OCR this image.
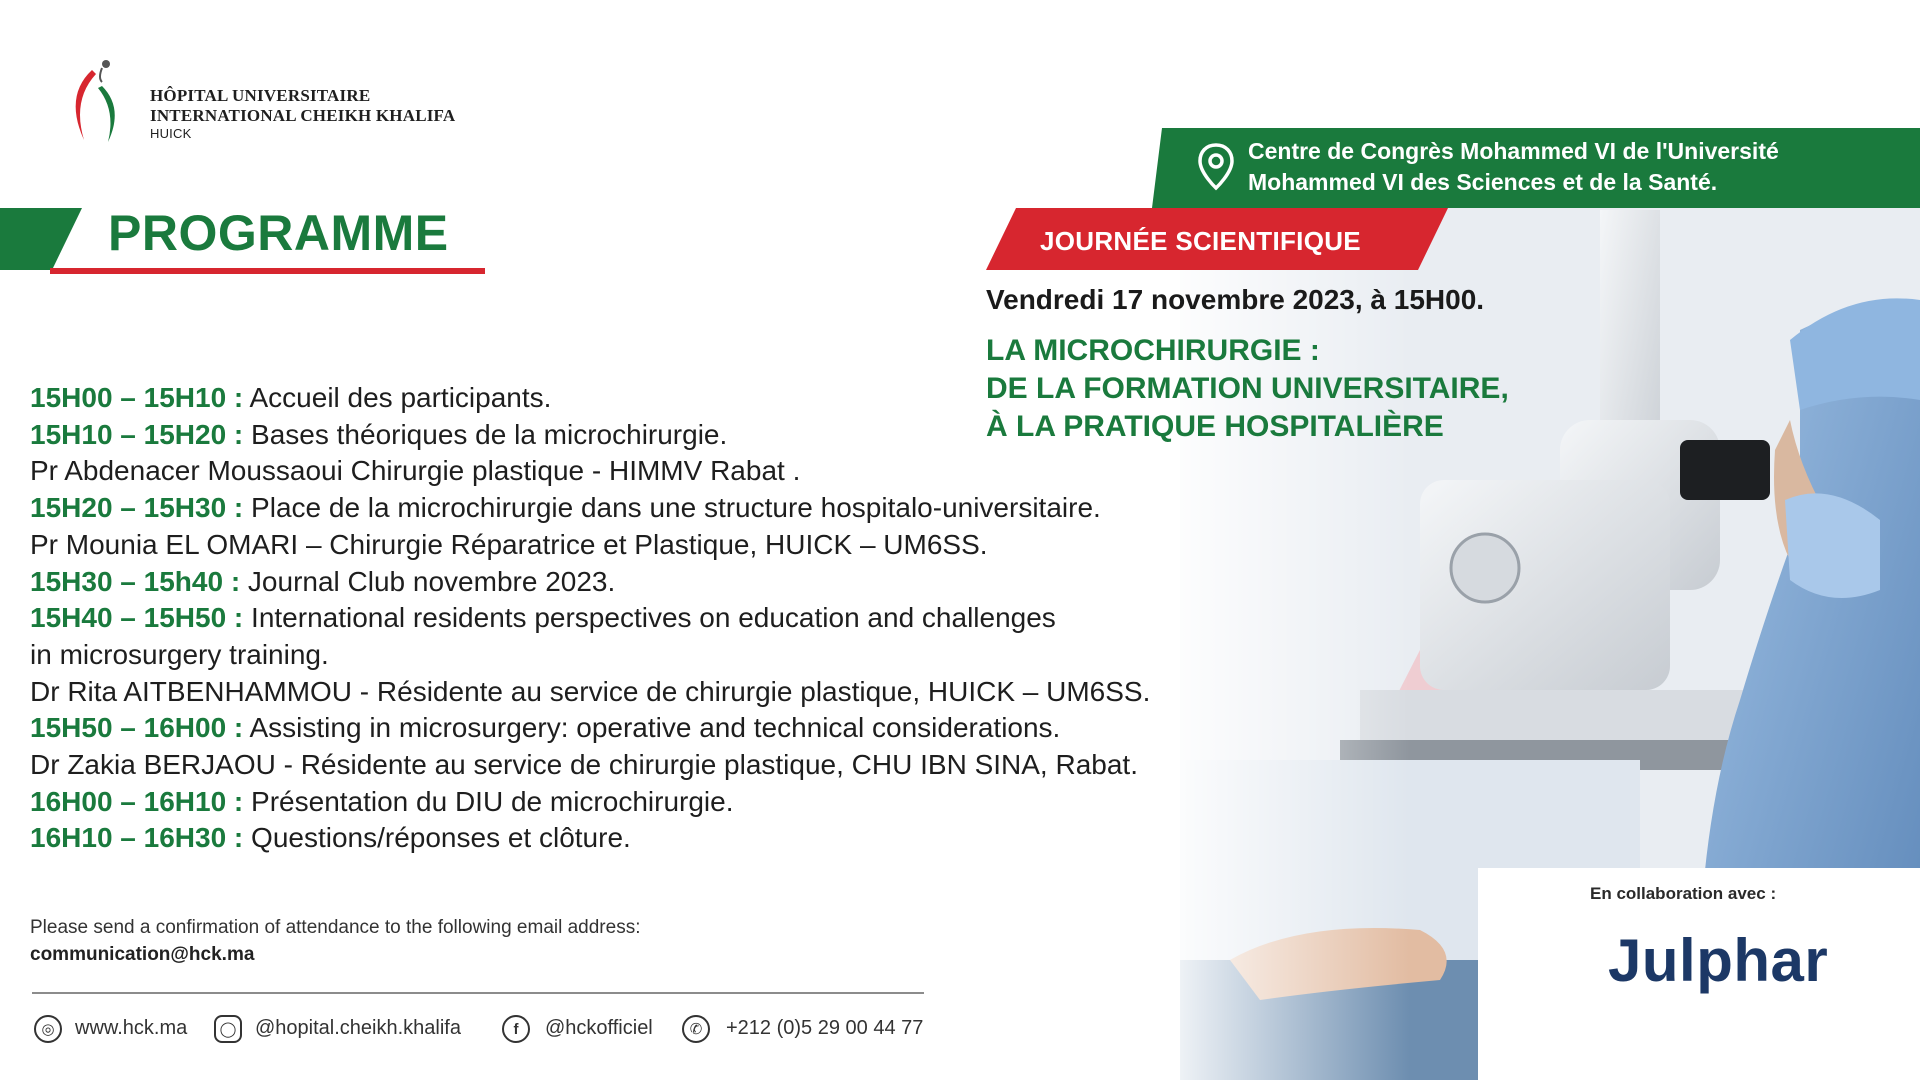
HÔPITAL UNIVERSITAIRE
INTERNATIONAL CHEIKH KHALIFA
HUICK
PROGRAMME
Centre de Congrès Mohammed VI de l'Université
Mohammed VI des Sciences et de la Santé.
JOURNÉE SCIENTIFIQUE
Vendredi 17 novembre 2023, à 15H00.
LA MICROCHIRURGIE :
DE LA FORMATION UNIVERSITAIRE,
À LA PRATIQUE HOSPITALIÈRE
15H00 – 15H10 : Accueil des participants.
15H10 – 15H20 : Bases théoriques de la microchirurgie.
Pr Abdenacer Moussaoui Chirurgie plastique - HIMMV Rabat .
15H20 – 15H30 : Place de la microchirurgie dans une structure hospitalo-universitaire.
Pr Mounia EL OMARI – Chirurgie Réparatrice et Plastique, HUICK – UM6SS.
15H30 – 15h40 : Journal Club novembre 2023.
15H40 – 15H50 : International residents perspectives on education and challenges
in microsurgery training.
Dr Rita AITBENHAMMOU - Résidente au service de chirurgie plastique, HUICK – UM6SS.
15H50 – 16H00 : Assisting in microsurgery: operative and technical considerations.
Dr Zakia BERJAOU - Résidente au service de chirurgie plastique, CHU IBN SINA, Rabat.
16H00 – 16H10 : Présentation du DIU de microchirurgie.
16H10 – 16H30 : Questions/réponses et clôture.
Please send a confirmation of attendance to the following email address:
communication@hck.ma
◎	www.hck.ma	◯ @hopital.cheikh.khalifa	f	@hckofficiel	✆	+212 (0)5 29 00 44 77
En collaboration avec :
Julphar
